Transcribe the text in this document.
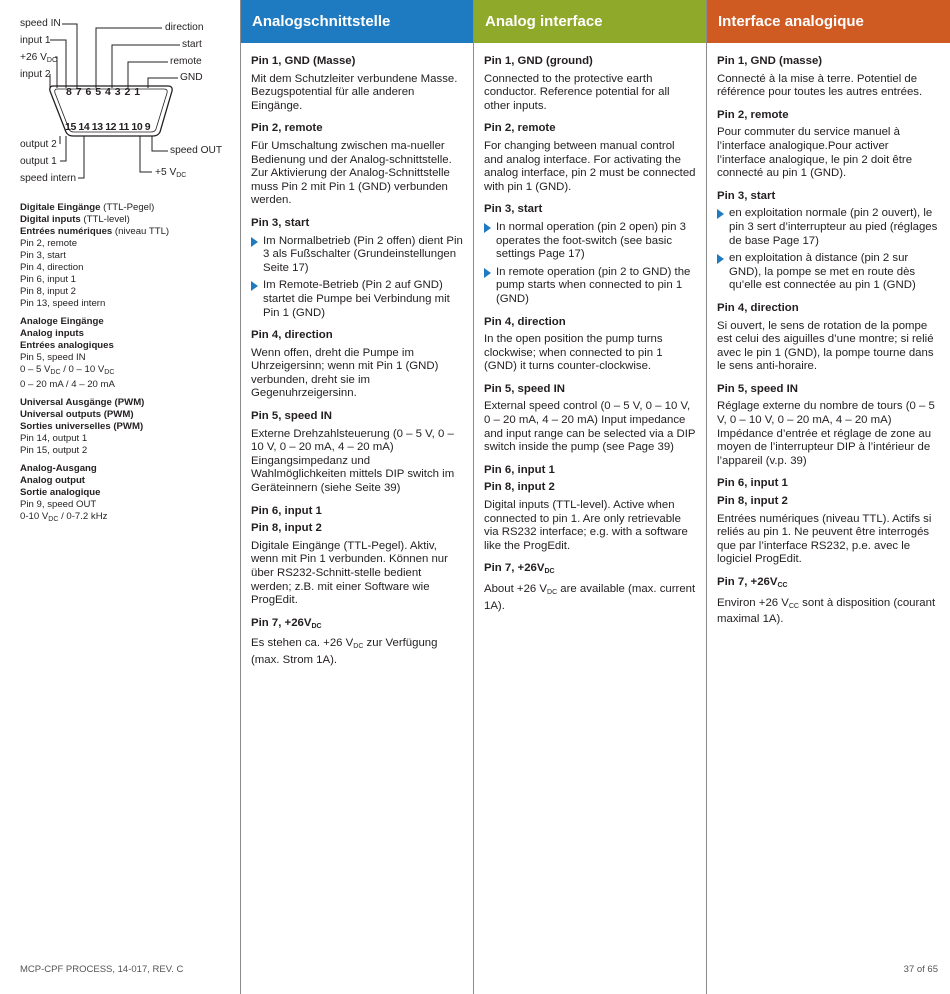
speed IN
input 1
+26 $V_{DC}$
input 2
direction
start
remote
GND
8 7 6 5 4 3 2 1
15 14 13 12 11 10 9
output 2
output 1
speed intern
speed OUT
+5 $V_{DC}$
Digitale Eingänge (TTL-Pegel)
Digital inputs (TTL-level)
Entrées numériques (niveau TTL)
Pin 2, remote
Pin 3, start
Pin 4, direction
Pin 6, input 1
Pin 8, input 2
Pin 13, speed intern
Analoge Eingänge
Analog inputs
Entrées analogiques
Pin 5, speed IN
0 – 5 $V_{DC} / 0 - 10$ $V_{DC}$
0 – 20 mA / 4 – 20 mA
Universal Ausgänge (PWM)
Universal outputs (PWM)
Sorties universelles (PWM)
Pin 14, output 1
Pin 15, output 2
Analog-Ausgang
Analog output
Sortie analogique
Pin 9, speed OUT
0-10 $V_{DC} / 0-7.2$ kHz
MCP-CPF PROCESS, 14-017, REV. C
Analogschnittstelle
Pin 1, GND (Masse)
Mit dem Schutzleiter verbundene Masse. Bezugspotential für alle anderen Eingänge.
Pin 2, remote
Für Umschaltung zwischen ma-nueller Bedienung und der Analog-schnittstelle. Zur Aktivierung der Analog-Schnittstelle muss Pin 2 mit Pin 1 (GND) verbunden werden.
Pin 3, start
Im Normalbetrieb (Pin 2 offen) dient Pin 3 als Fußschalter (Grundeinstellungen Seite 17)
Im Remote-Betrieb (Pin 2 auf GND) startet die Pumpe bei Verbindung mit Pin 1 (GND)
Pin 4, direction
Wenn offen, dreht die Pumpe im Uhrzeigersinn; wenn mit Pin 1 (GND) verbunden, dreht sie im Gegenuhrzeigersinn.
Pin 5, speed IN
Externe Drehzahlsteuerung (0 – 5 V, 0 – 10 V, 0 – 20 mA, 4 – 20 mA) Eingangsimpedanz und Wahlmöglichkeiten mittels DIP switch im Geräteinnern (siehe Seite 39)
Pin 6, input 1
Pin 8, input 2
Digitale Eingänge (TTL-Pegel). Aktiv, wenn mit Pin 1 verbunden. Können nur über RS232-Schnitt-stelle bedient werden; z.B. mit einer Software wie ProgEdit.
Pin 7, $+26V_{DC}$
Es stehen ca. +26 $V_{DC}$ zur Verfügung (max. Strom 1A).
Analog interface
Pin 1, GND (ground)
Connected to the protective earth conductor. Reference potential for all other inputs.
Pin 2, remote
For changing between manual control and analog interface. For activating the analog interface, pin 2 must be connected with pin 1 (GND).
Pin 3, start
In normal operation (pin 2 open) pin 3 operates the foot-switch (see basic settings Page 17)
In remote operation (pin 2 to GND) the pump starts when connected to pin 1 (GND)
Pin 4, direction
In the open position the pump turns clockwise; when connected to pin 1 (GND) it turns counter-clockwise.
Pin 5, speed IN
External speed control (0 – 5 V, 0 – 10 V, 0 – 20 mA, 4 – 20 mA) Input impedance and input range can be selected via a DIP switch inside the pump (see Page 39)
Pin 6, input 1
Pin 8, input 2
Digital inputs (TTL-level). Active when connected to pin 1. Are only retrievable via RS232 interface; e.g. with a software like the ProgEdit.
Pin 7, $+26V_{DC}$
About +26 $V_{DC}$ are available (max. current 1A).
Interface analogique
Pin 1, GND (masse)
Connecté à la mise à terre. Potentiel de référence pour toutes les autres entrées.
Pin 2, remote
Pour commuter du service manuel à l’interface analogique.Pour activer l’interface analogique, le pin 2 doit être connecté au pin 1 (GND).
Pin 3, start
en exploitation normale (pin 2 ouvert), le pin 3 sert d’interrupteur au pied (réglages de base Page 17)
en exploitation à distance (pin 2 sur GND), la pompe se met en route dès qu’elle est connectée au pin 1 (GND)
Pin 4, direction
Si ouvert, le sens de rotation de la pompe est celui des aiguilles d’une montre; si relié avec le pin 1 (GND), la pompe tourne dans le sens anti-horaire.
Pin 5, speed IN
Réglage externe du nombre de tours (0 – 5 V, 0 – 10 V, 0 – 20 mA, 4 – 20 mA) Impédance d’entrée et réglage de zone au moyen de l’interrupteur DIP à l’intérieur de l’appareil (v.p. 39)
Pin 6, input 1
Pin 8, input 2
Entrées numériques (niveau TTL). Actifs si reliés au pin 1. Ne peuvent être interrogés que par l’interface RS232, p.e. avec le logiciel ProgEdit.
Pin 7, $+26V_{CC}$
Environ +26 $V_{CC}$ sont à disposition (courant maximal 1A).
37 of 65
